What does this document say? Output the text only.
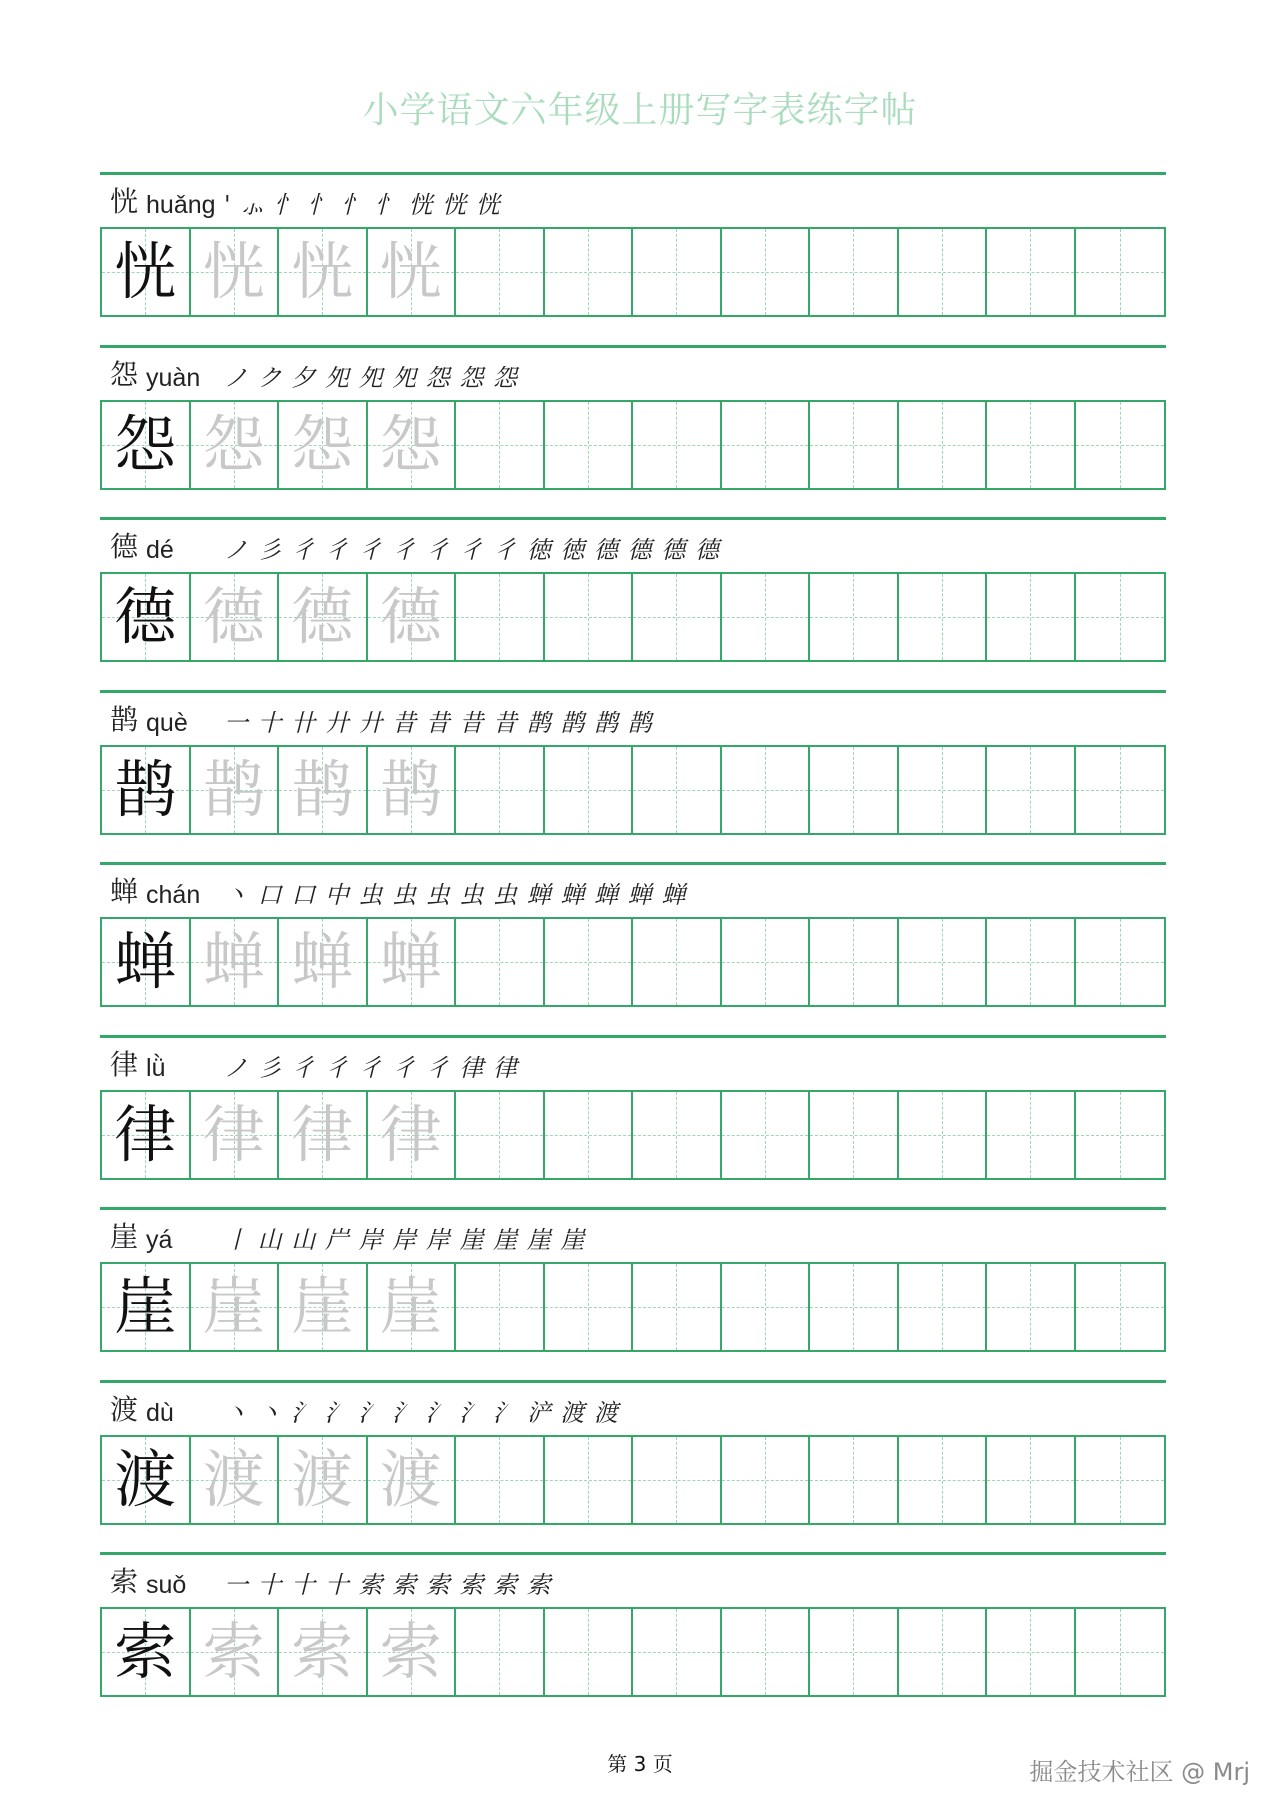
小学语文六年级上册写字表练字帖
恍 huǎng ' ⺗ 忄 忄 忄 忄 恍 恍 恍
恍 恍 恍 恍
怨 yuàn ノ ク 夕 夗 夗 夗 怨 怨 怨
怨 怨 怨 怨
德 dé	ノ 彡 彳 彳 彳 彳 彳 彳 彳 徳 徳 德 德 德 德
德 德 德 德
鹊 què	一 十 卄 廾 廾 昔 昔 昔 昔 鹊 鹊 鹊 鹊
鹊 鹊 鹊 鹊
蝉 chán 丶 口 口 中 虫 虫 虫 虫 虫 蝉 蝉 蝉 蝉 蝉
蝉 蝉 蝉 蝉
律 lǜ	ノ 彡 彳 彳 彳 彳 彳 律 律
律 律 律 律
崖 yá	丨 山 山 屵 岸 岸 岸 崖 崖 崖 崖
崖 崖 崖 崖
渡 dù	丶 丶 氵 氵 氵 氵 氵 氵 氵 浐 渡 渡
渡 渡 渡 渡
索 suǒ	一 十 十 十 索 索 索 索 索 索
索 索 索 索
第 3 页	掘金技术社区 @ Mrj
